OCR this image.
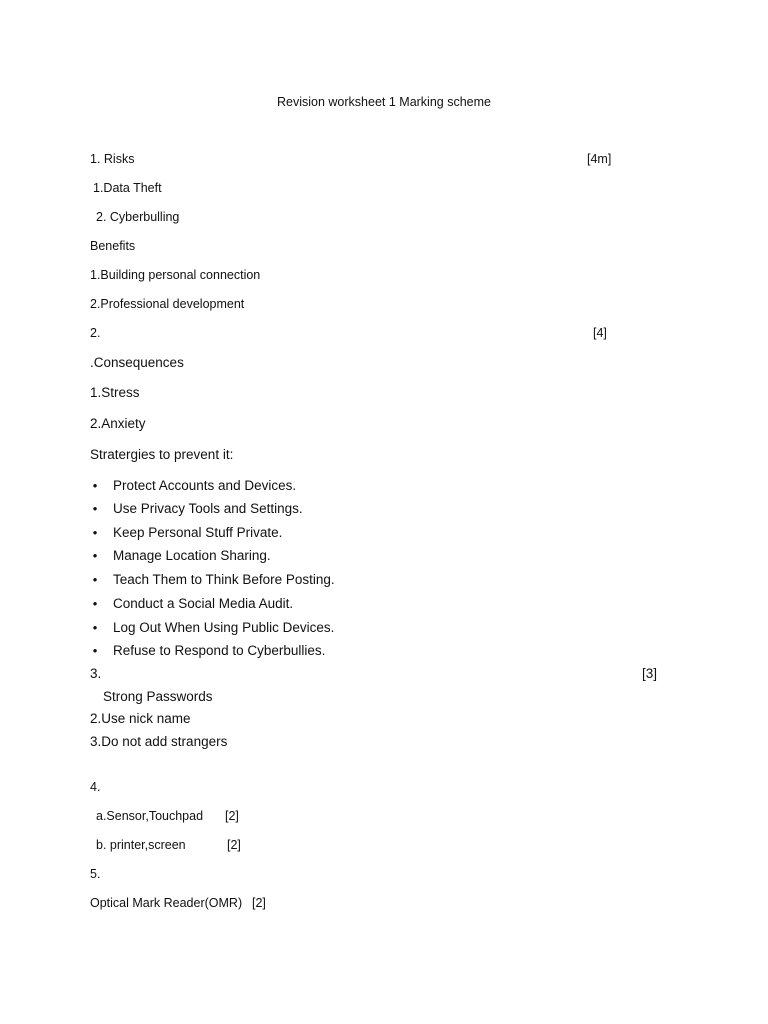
Revision worksheet 1 Marking scheme
1. Risks	[4m]
1.Data Theft
2. Cyberbulling
Benefits
1.Building personal connection
2.Professional development
2.	[4]
.Consequences
1.Stress
2.Anxiety
Stratergies to prevent it:
• Protect Accounts and Devices.
• Use Privacy Tools and Settings.
• Keep Personal Stuff Private.
• Manage Location Sharing.
• Teach Them to Think Before Posting.
• Conduct a Social Media Audit.
• Log Out When Using Public Devices.
• Refuse to Respond to Cyberbullies.
3.	[3]
Strong Passwords
2.Use nick name
3.Do not add strangers
4.
a.Sensor,Touchpad [2]
b. printer,screen	[2]
5.
Optical Mark Reader(OMR) [2]
